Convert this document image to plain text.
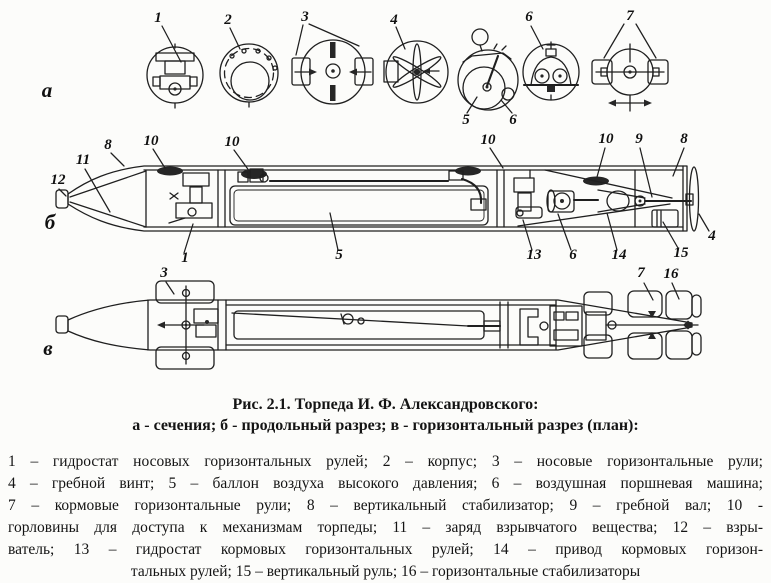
а
1	2	3	4
5	6
6	7
б
12
11
8 10	10	10	10 9	8
4
1	5	13 6 14	15
в
3	7 16
Рис. 2.1. Торпеда И. Ф. Александровского:
а - сечения; б - продольный разрез; в - горизонтальный разрез (план):
1 – гидростат носовых горизонтальных рулей; 2 – корпус; 3 – носовые горизонтальные рули;
4 – гребной винт; 5 – баллон воздуха высокого давления; 6 – воздушная поршневая машина;
7 – кормовые горизонтальные рули; 8 – вертикальный стабилизатор; 9 – гребной вал; 10 -
горловины для доступа к механизмам торпеды; 11 – заряд взрывчатого вещества; 12 – взры-
ватель; 13 – гидростат кормовых горизонтальных рулей; 14 – привод кормовых горизон-
тальных рулей; 15 – вертикальный руль; 16 – горизонтальные стабилизаторы
